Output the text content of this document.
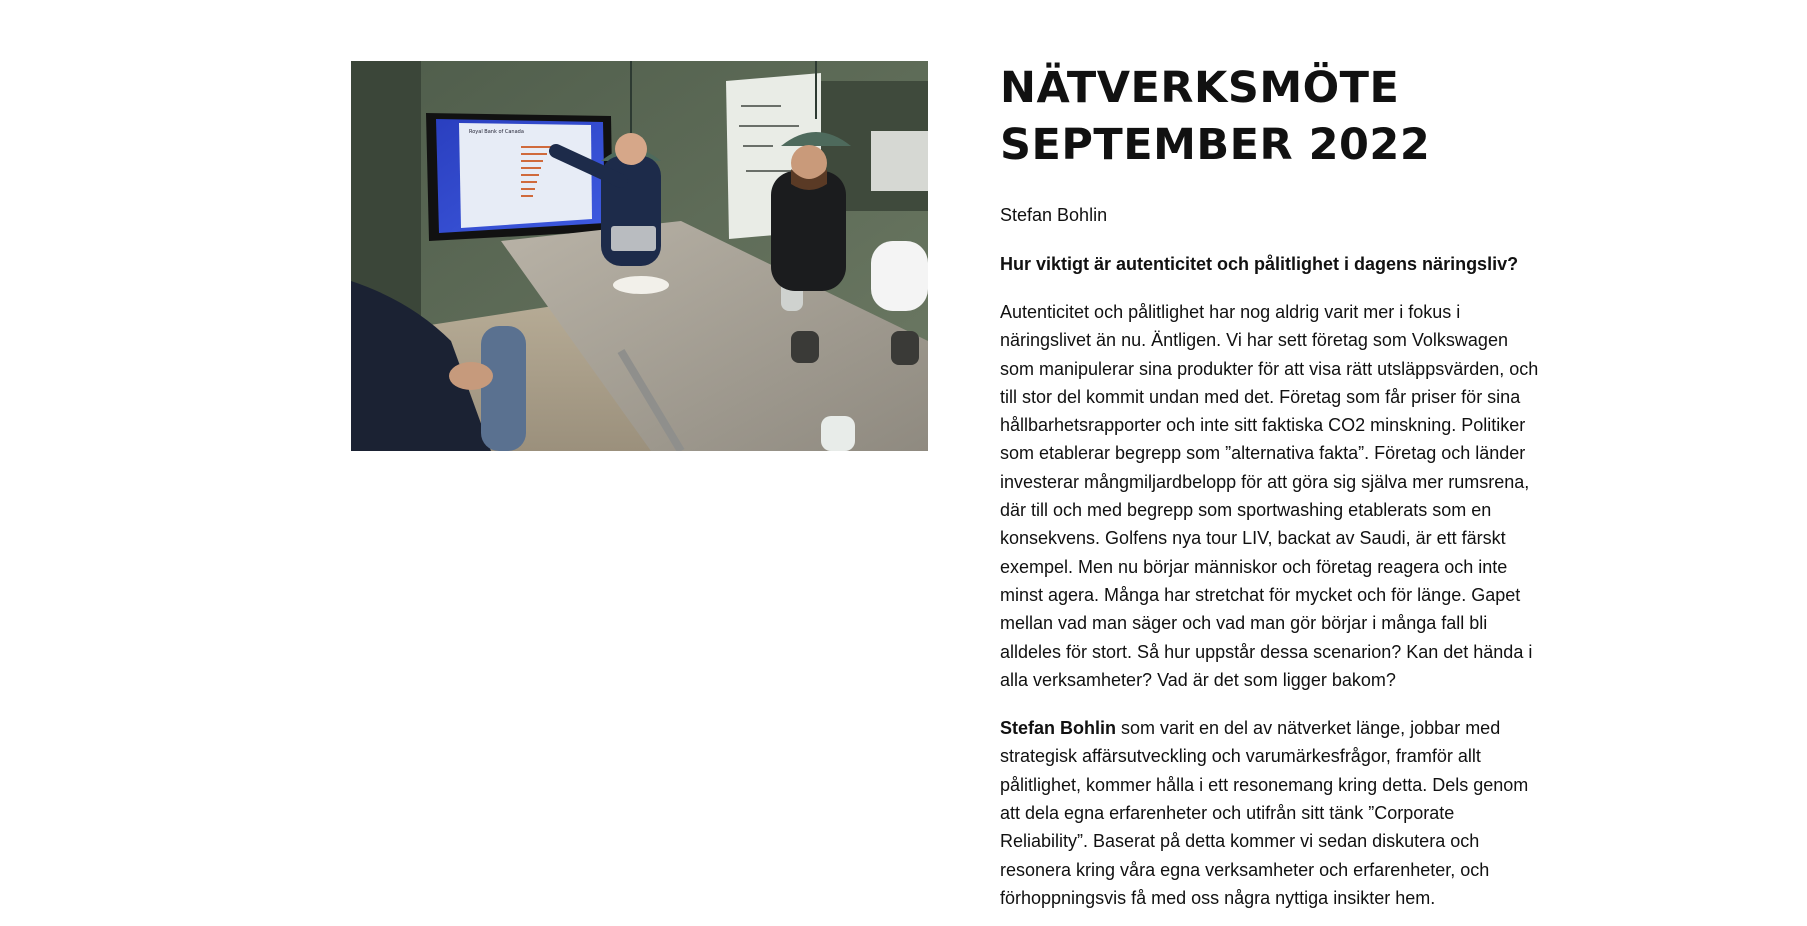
Royal Bank of Canada
NÄTVERKSMÖTE
SEPTEMBER 2022

Stefan Bohlin

Hur viktigt är autenticitet och pålitlighet i dagens näringsliv?

Autenticitet och pålitlighet har nog aldrig varit mer i fokus i näringslivet än nu. Äntligen. Vi har sett företag som Volkswagen som manipulerar sina produkter för att visa rätt utsläppsvärden, och till stor del kommit undan med det. Företag som får priser för sina hållbarhetsrapporter och inte sitt faktiska CO2 minskning. Politiker som etablerar begrepp som ”alternativa fakta”. Företag och länder investerar mångmiljardbelopp för att göra sig själva mer rumsrena, där till och med begrepp som sportwashing etablerats som en konsekvens. Golfens nya tour LIV, backat av Saudi, är ett färskt exempel. Men nu börjar människor och företag reagera och inte minst agera. Många har stretchat för mycket och för länge. Gapet mellan vad man säger och vad man gör börjar i många fall bli alldeles för stort. Så hur uppstår dessa scenarion? Kan det hända i alla verksamheter? Vad är det som ligger bakom?

Stefan Bohlin som varit en del av nätverket länge, jobbar med strategisk affärsutveckling och varumärkesfrågor, framför allt pålitlighet, kommer hålla i ett resonemang kring detta. Dels genom att dela egna erfarenheter och utifrån sitt tänk ”Corporate Reliability”. Baserat på detta kommer vi sedan diskutera och resonera kring våra egna verksamheter och erfarenheter, och förhoppningsvis få med oss några nyttiga insikter hem.
